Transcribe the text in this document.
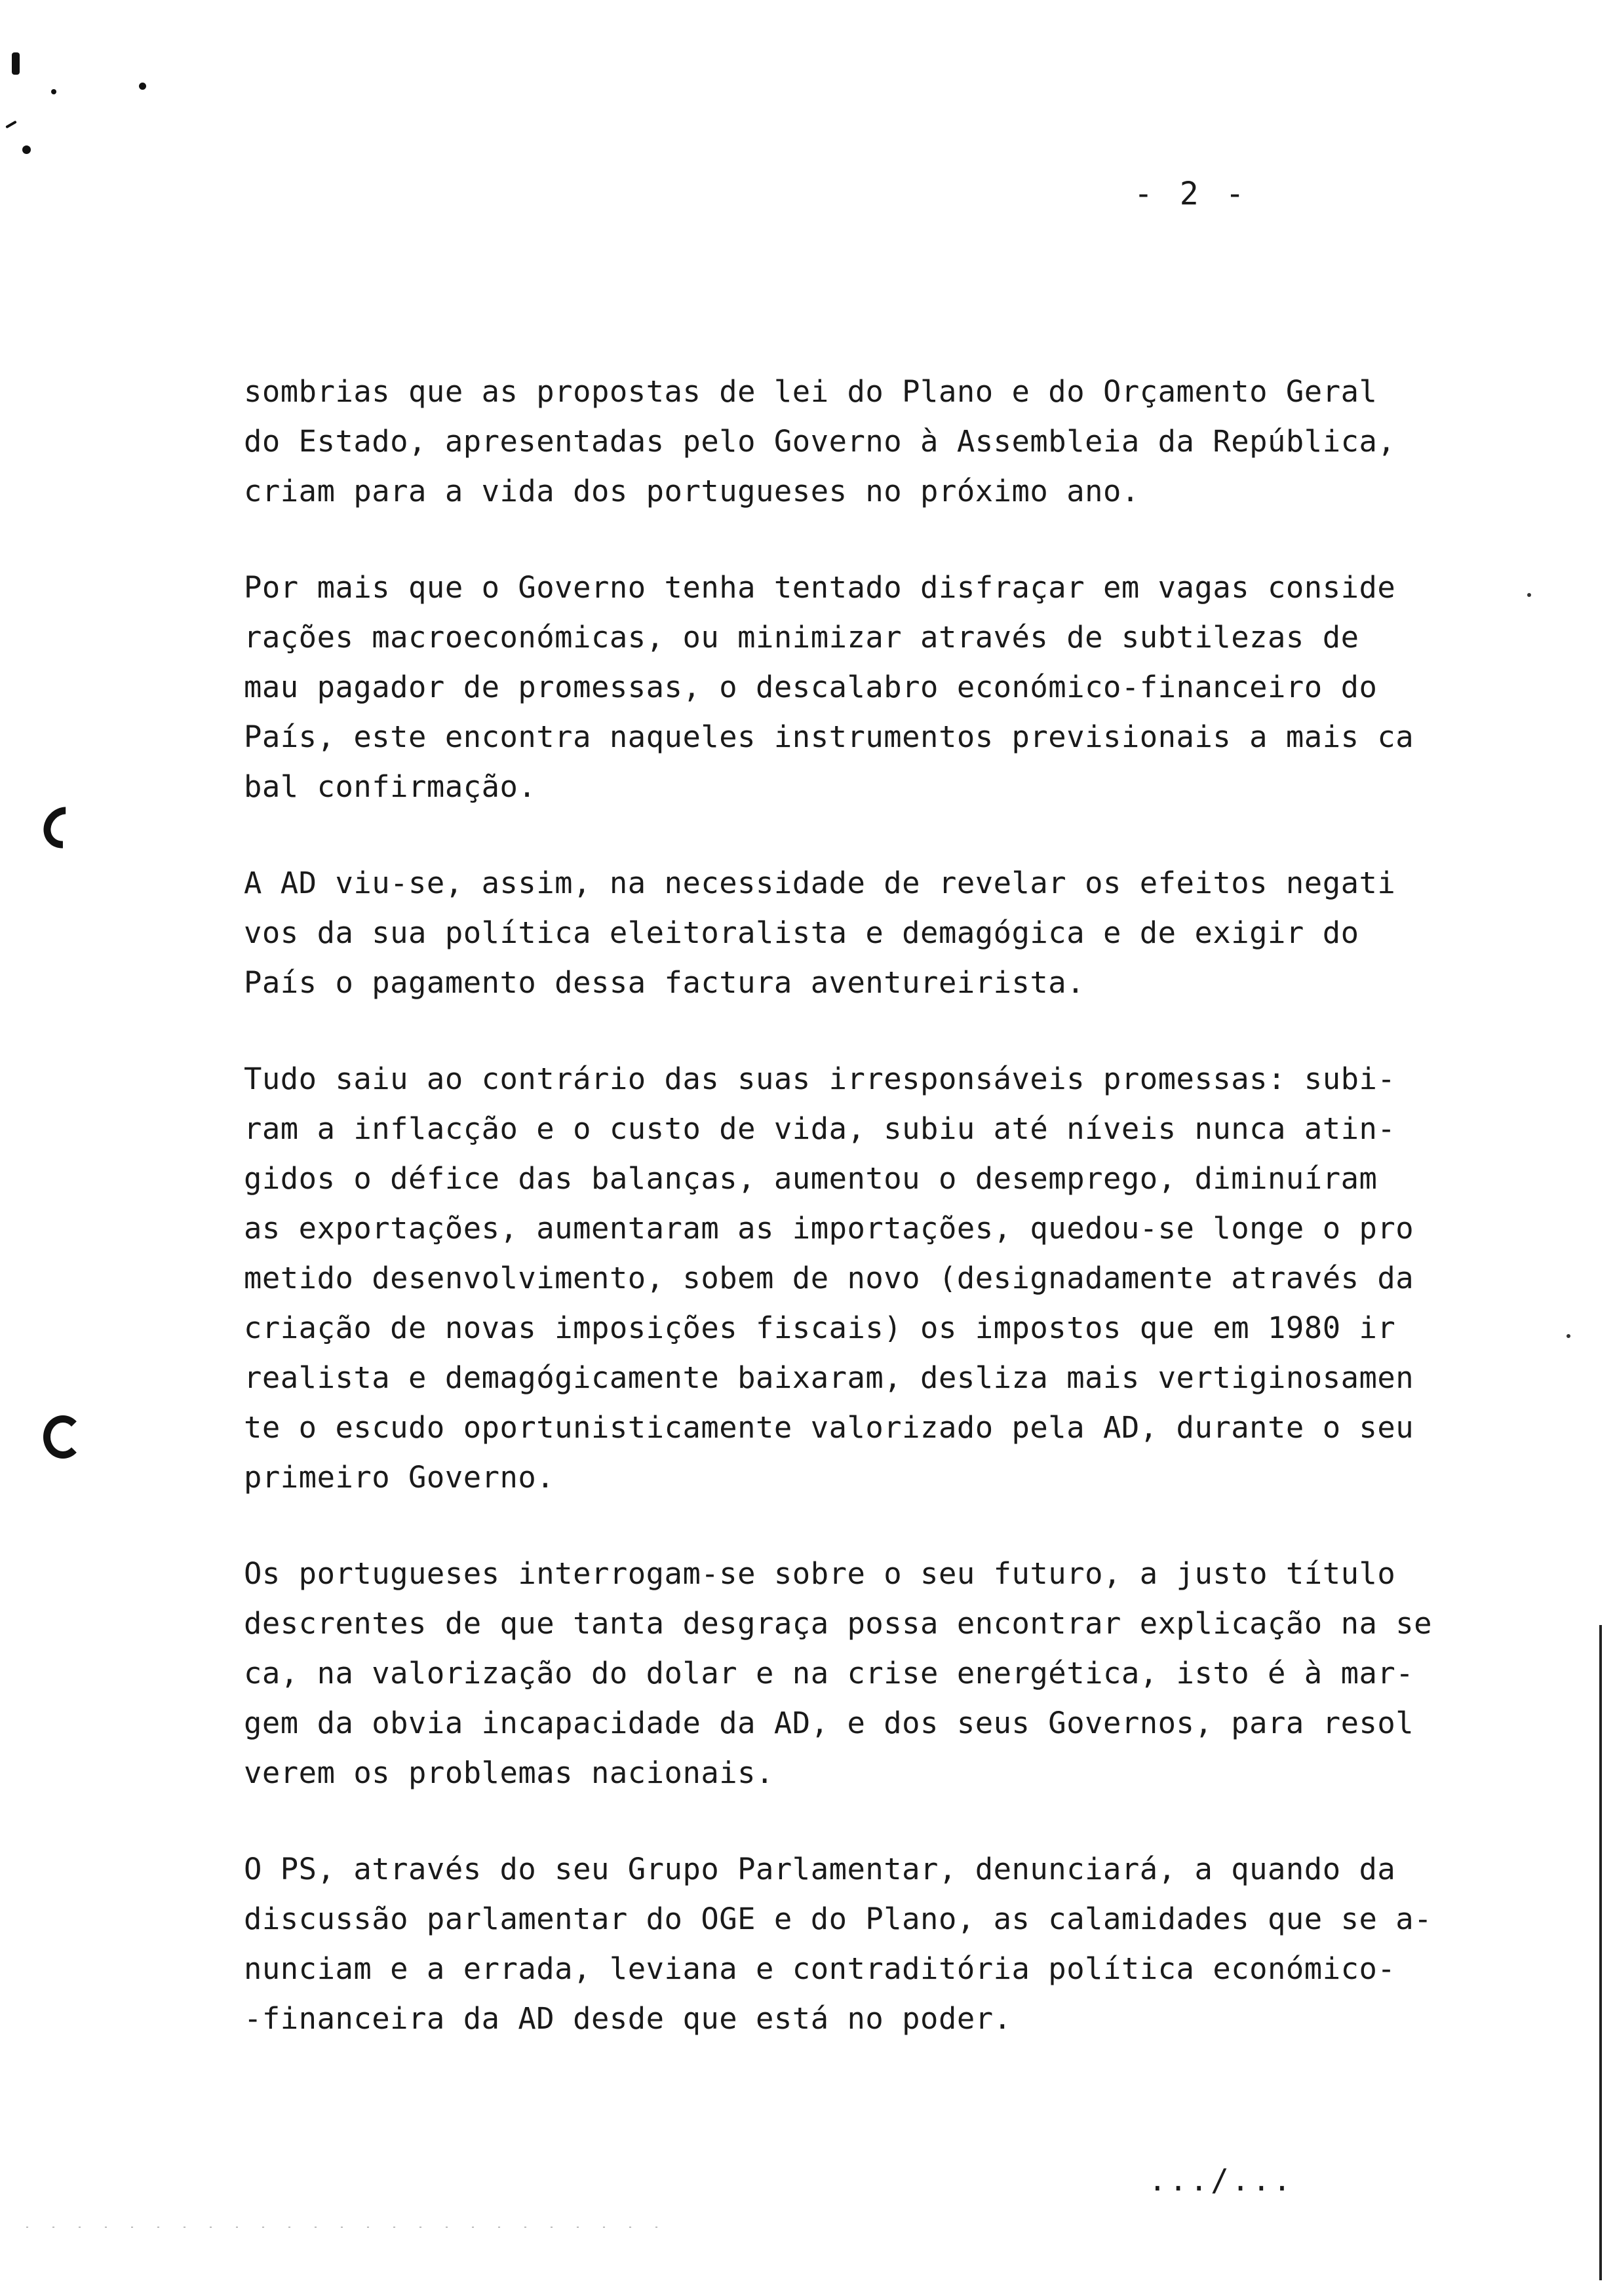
- 2 -
sombrias que as propostas de lei do Plano e do Orçamento Geral
do Estado, apresentadas pelo Governo à Assembleia da República,
criam para a vida dos portugueses no próximo ano.
Por mais que o Governo tenha tentado disfraçar em vagas conside
rações macroeconómicas, ou minimizar através de subtilezas de
mau pagador de promessas, o descalabro económico-financeiro do
País, este encontra naqueles instrumentos previsionais a mais ca
bal confirmação.
A AD viu-se, assim, na necessidade de revelar os efeitos negati
vos da sua política eleitoralista e demagógica e de exigir do
País o pagamento dessa factura aventureirista.
Tudo saiu ao contrário das suas irresponsáveis promessas: subi-
ram a inflacção e o custo de vida, subiu até níveis nunca atin-
gidos o défice das balanças, aumentou o desemprego, diminuíram
as exportações, aumentaram as importações, quedou-se longe o pro
metido desenvolvimento, sobem de novo (designadamente através da
criação de novas imposições fiscais) os impostos que em 1980 ir
realista e demagógicamente baixaram, desliza mais vertiginosamen
te o escudo oportunisticamente valorizado pela AD, durante o seu
primeiro Governo.
Os portugueses interrogam-se sobre o seu futuro, a justo título
descrentes de que tanta desgraça possa encontrar explicação na se
ca, na valorização do dolar e na crise energética, isto é à mar-
gem da obvia incapacidade da AD, e dos seus Governos, para resol
verem os problemas nacionais.
O PS, através do seu Grupo Parlamentar, denunciará, a quando da
discussão parlamentar do OGE e do Plano, as calamidades que se a-
nunciam e a errada, leviana e contraditória política económico-
-financeira da AD desde que está no poder.
.../...
